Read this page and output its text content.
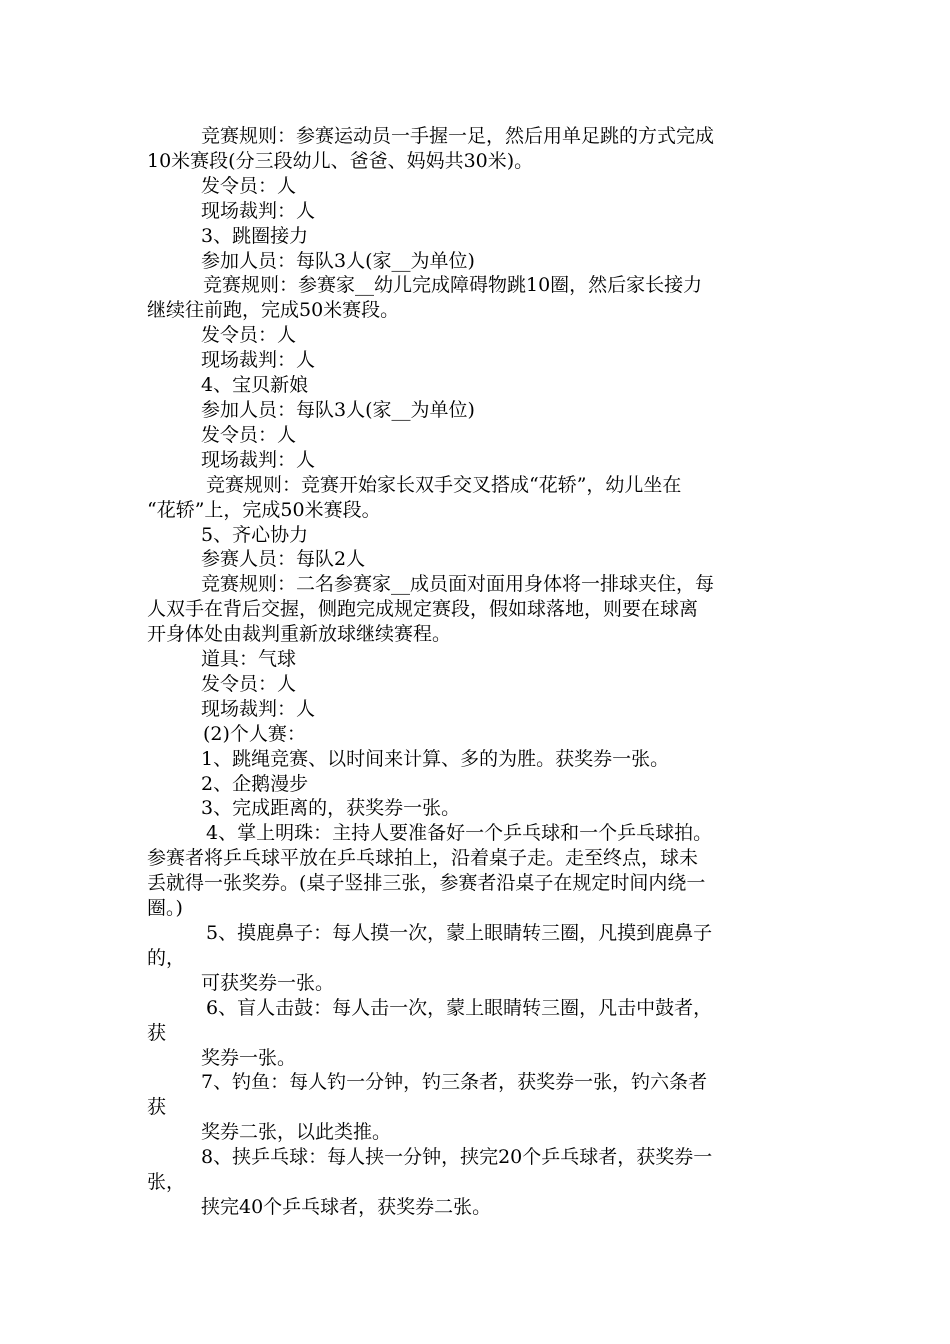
竞赛规则：参赛运动员一手握一足，然后用单足跳的方式完成
10米赛段(分三段幼儿、爸爸、妈妈共30米)。
发令员：人
现场裁判：人
3、跳圈接力
参加人员：每队3人(家__为单位)
竞赛规则：参赛家__幼儿完成障碍物跳10圈，然后家长接力
继续往前跑，完成50米赛段。
发令员：人
现场裁判：人
4、宝贝新娘
参加人员：每队3人(家__为单位)
发令员：人
现场裁判：人
竞赛规则：竞赛开始家长双手交叉搭成“花轿”，幼儿坐在
“花轿”上，完成50米赛段。
5、齐心协力
参赛人员：每队2人
竞赛规则：二名参赛家__成员面对面用身体将一排球夹住，每
人双手在背后交握，侧跑完成规定赛段，假如球落地，则要在球离
开身体处由裁判重新放球继续赛程。
道具：气球
发令员：人
现场裁判：人
(2)个人赛：
1、跳绳竞赛、以时间来计算、多的为胜。获奖券一张。
2、企鹅漫步
3、完成距离的，获奖券一张。
4、掌上明珠：主持人要准备好一个乒乓球和一个乒乓球拍。
参赛者将乒乓球平放在乒乓球拍上，沿着桌子走。走至终点，球未
丢就得一张奖券。(桌子竖排三张，参赛者沿桌子在规定时间内绕一
圈。)
5、摸鹿鼻子：每人摸一次，蒙上眼睛转三圈，凡摸到鹿鼻子
的，
可获奖券一张。
6、盲人击鼓：每人击一次，蒙上眼睛转三圈，凡击中鼓者，
获
奖券一张。
7、钓鱼：每人钓一分钟，钓三条者，获奖券一张，钓六条者
获
奖券二张，以此类推。
8、挟乒乓球：每人挟一分钟，挟完20个乒乓球者，获奖券一
张，
挟完40个乒乓球者，获奖券二张。
